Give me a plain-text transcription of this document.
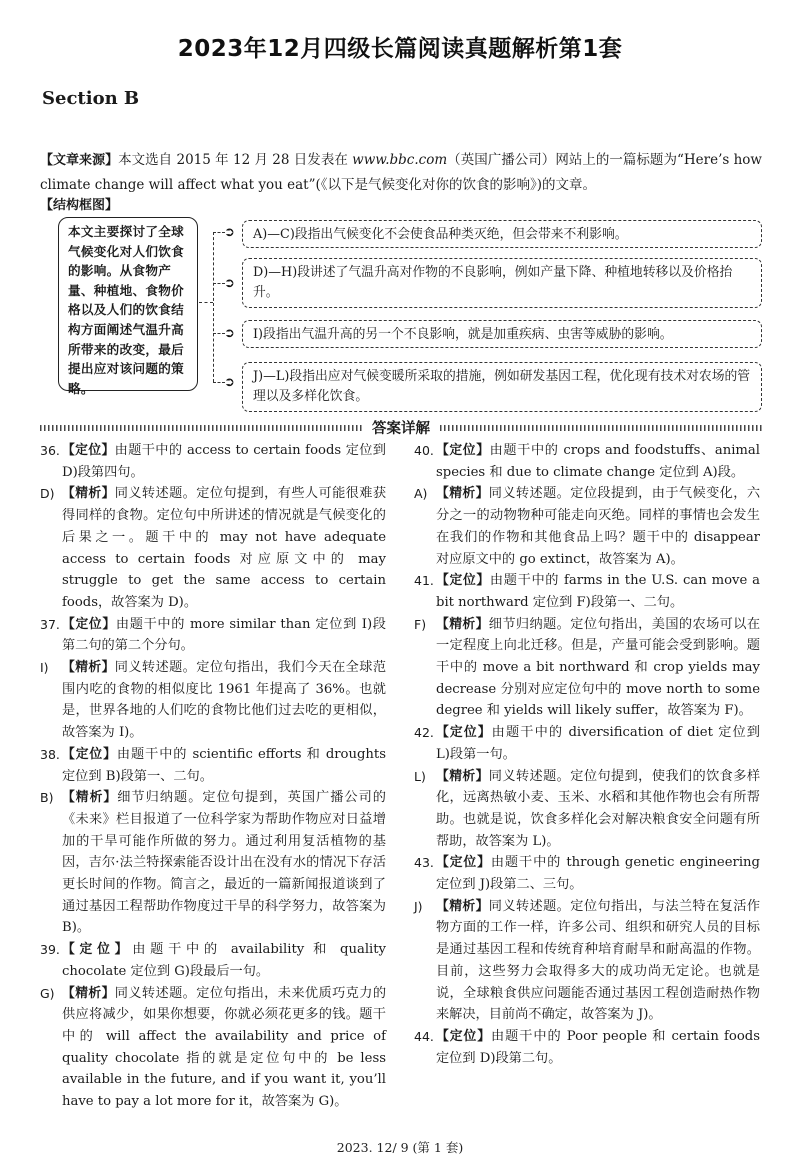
2023年12月四级长篇阅读真题解析第1套
Section B
【文章来源】本文选自 2015 年 12 月 28 日发表在 www.bbc.com（英国广播公司）网站上的一篇标题为“Here’s how climate change will affect what you eat”(《以下是气候变化对你的饮食的影响》)的文章。
【结构框图】
本文主要探讨了全球气候变化对人们饮食的影响。从食物产量、种植地、食物价格以及人们的饮食结构方面阐述气温升高所带来的改变，最后提出应对该问题的策略。
➲	A)—C)段指出气候变化不会使食品种类灭绝，但会带来不利影响。
➲
D)—H)段讲述了气温升高对作物的不良影响，例如产量下降、种植地转移以及价格抬升。
➲	I)段指出气温升高的另一个不良影响，就是加重疾病、虫害等威胁的影响。
➲	J)—L)段指出应对气候变暖所采取的措施，例如研发基因工程，优化现有技术对农场的管理以及多样化饮食。
答案详解
36. 【定位】由题干中的 access to certain foods 定位到 D)段第四句。
D) 【精析】同义转述题。定位句提到，有些人可能很难获得同样的食物。定位句中所讲述的情况就是气候变化的后果之一。题干中的 may not have adequate access to certain foods 对应原文中的 may struggle to get the same access to certain foods，故答案为 D)。
37. 【定位】由题干中的 more similar than 定位到 I)段第二句的第二个分句。
I) 【精析】同义转述题。定位句指出，我们今天在全球范围内吃的食物的相似度比 1961 年提高了 36%。也就是，世界各地的人们吃的食物比他们过去吃的更相似，故答案为 I)。
38. 【定位】由题干中的 scientific efforts 和 droughts 定位到 B)段第一、二句。
B) 【精析】细节归纳题。定位句提到，英国广播公司的《未来》栏目报道了一位科学家为帮助作物应对日益增加的干旱可能作所做的努力。通过利用复活植物的基因，吉尔·法兰特探索能否设计出在没有水的情况下存活更长时间的作物。简言之，最近的一篇新闻报道谈到了通过基因工程帮助作物度过干旱的科学努力，故答案为 B)。
39. 【定位】由题干中的 availability 和 quality chocolate 定位到 G)段最后一句。
G) 【精析】同义转述题。定位句指出，未来优质巧克力的供应将减少，如果你想要，你就必须花更多的钱。题干中的 will affect the availability and price of quality chocolate 指的就是定位句中的 be less available in the future, and if you want it, you’ll have to pay a lot more for it，故答案为 G)。
40. 【定位】由题干中的 crops and foodstuffs、animal species 和 due to climate change 定位到 A)段。
A) 【精析】同义转述题。定位段提到，由于气候变化，六分之一的动物物种可能走向灭绝。同样的事情也会发生在我们的作物和其他食品上吗？题干中的 disappear 对应原文中的 go extinct，故答案为 A)。
41. 【定位】由题干中的 farms in the U.S. can move a bit northward 定位到 F)段第一、二句。
F) 【精析】细节归纳题。定位句指出，美国的农场可以在一定程度上向北迁移。但是，产量可能会受到影响。题干中的 move a bit northward 和 crop yields may decrease 分别对应定位句中的 move north to some degree 和 yields will likely suffer，故答案为 F)。
42. 【定位】由题干中的 diversification of diet 定位到 L)段第一句。
L) 【精析】同义转述题。定位句提到，使我们的饮食多样化，远离热敏小麦、玉米、水稻和其他作物也会有所帮助。也就是说，饮食多样化会对解决粮食安全问题有所帮助，故答案为 L)。
43. 【定位】由题干中的 through genetic engineering 定位到 J)段第二、三句。
J) 【精析】同义转述题。定位句指出，与法兰特在复活作物方面的工作一样，许多公司、组织和研究人员的目标是通过基因工程和传统育种培育耐旱和耐高温的作物。目前，这些努力会取得多大的成功尚无定论。也就是说，全球粮食供应问题能否通过基因工程创造耐热作物来解决，目前尚不确定，故答案为 J)。
44. 【定位】由题干中的 Poor people 和 certain foods 定位到 D)段第二句。
2023. 12/ 9 (第 1 套)
